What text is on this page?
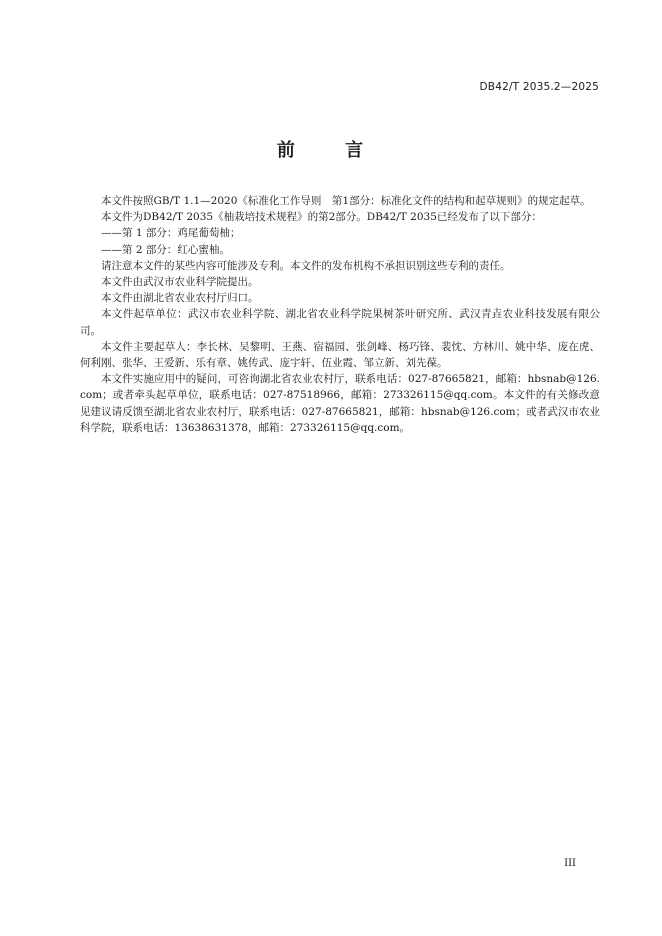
DB42/T 2035.2—2025
前 言

本文件按照GB/T 1.1—2020《标准化工作导则　第1部分：标准化文件的结构和起草规则》的规定起草。

本文件为DB42/T 2035《柚栽培技术规程》的第2部分。DB42/T 2035已经发布了以下部分：

——第 1 部分：鸡尾葡萄柚；

——第 2 部分：红心蜜柚。

请注意本文件的某些内容可能涉及专利。本文件的发布机构不承担识别这些专利的责任。

本文件由武汉市农业科学院提出。

本文件由湖北省农业农村厅归口。

本文件起草单位：武汉市农业科学院、湖北省农业科学院果树茶叶研究所、武汉青垚农业科技发展有限公司。

本文件主要起草人：李长林、吴黎明、王燕、宿福园、张剑峰、杨巧锋、裴忱、方林川、姚中华、庞在虎、何利刚、张华、王爱新、乐有章、姚传武、庞宇轩、伍业霞、邹立新、刘先葆。

本文件实施应用中的疑问，可咨询湖北省农业农村厅，联系电话：027-87665821，邮箱：hbsnab@126.com；或者牵头起草单位，联系电话：027-87518966，邮箱：273326115@qq.com。本文件的有关修改意见建议请反馈至湖北省农业农村厅，联系电话：027-87665821，邮箱：hbsnab@126.com；或者武汉市农业科学院，联系电话：13638631378，邮箱：273326115@qq.com。

III
